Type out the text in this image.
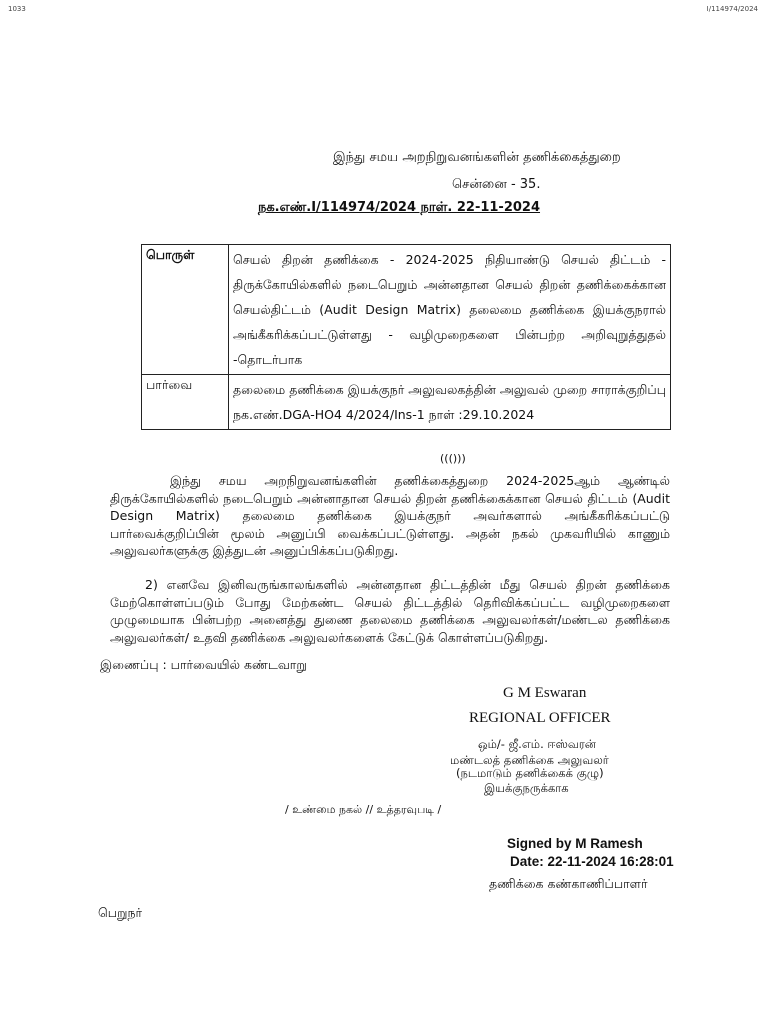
1033	I/114974/2024
இந்து சமய அறநிறுவனங்களின் தணிக்கைத்துறை
சென்னை - 35.
நக.எண்.I/114974/2024 நாள். 22-11-2024
பொருள்	செயல் திறன் தணிக்கை - 2024-2025 நிதியாண்டு செயல் திட்டம் - திருக்கோயில்களில் நடைபெறும் அன்னதான செயல் திறன் தணிக்கைக்கான செயல்திட்டம் (Audit Design Matrix) தலைமை தணிக்கை இயக்குநரால் அங்கீகரிக்கப்பட்டுள்ளது - வழிமுறைகளை பின்பற்ற அறிவுறுத்துதல் -தொடர்பாக
பார்வை	தலைமை தணிக்கை இயக்குநர் அலுவலகத்தின் அலுவல் முறை சாராக்குறிப்பு நக.எண்.DGA-HO4 4/2024/Ins-1 நாள் :29.10.2024
((()))

இந்து சமய அறநிறுவனங்களின் தணிக்கைத்துறை 2024-2025ஆம் ஆண்டில் திருக்கோயில்களில் நடைபெறும் அன்னாதான செயல் திறன் தணிக்கைக்கான செயல் திட்டம் (Audit Design Matrix) தலைமை தணிக்கை இயக்குநர் அவர்களால் அங்கீகரிக்கப்பட்டு பார்வைக்குறிப்பின் மூலம் அனுப்பி வைக்கப்பட்டுள்ளது. அதன் நகல் முகவரியில் காணும் அலுவலர்களுக்கு இத்துடன் அனுப்பிக்கப்படுகிறது.

2) எனவே இனிவருங்காலங்களில் அன்னதான திட்டத்தின் மீது செயல் திறன் தணிக்கை மேற்கொள்ளப்படும் போது மேற்கண்ட செயல் திட்டத்தில் தெரிவிக்கப்பட்ட வழிமுறைகளை முழுமையாக பின்பற்ற அனைத்து துணை தலைமை தணிக்கை அலுவலர்கள்/மண்டல தணிக்கை அலுவலர்கள்/ உதவி தணிக்கை அலுவலர்களைக் கேட்டுக் கொள்ளப்படுகிறது.

இணைப்பு : பார்வையில் கண்டவாறு
G M Eswaran
REGIONAL OFFICER
ஒம்/- ஜீ.எம். ஈஸ்வரன்
மண்டலத் தணிக்கை அலுவலர்
(நடமாடும் தணிக்கைக் குழு)
இயக்குநருக்காக
/ உண்மை நகல் // உத்தரவுபடி /
Signed by M Ramesh
Date: 22-11-2024 16:28:01
தணிக்கை கண்காணிப்பாளர்
பெறுநர்
